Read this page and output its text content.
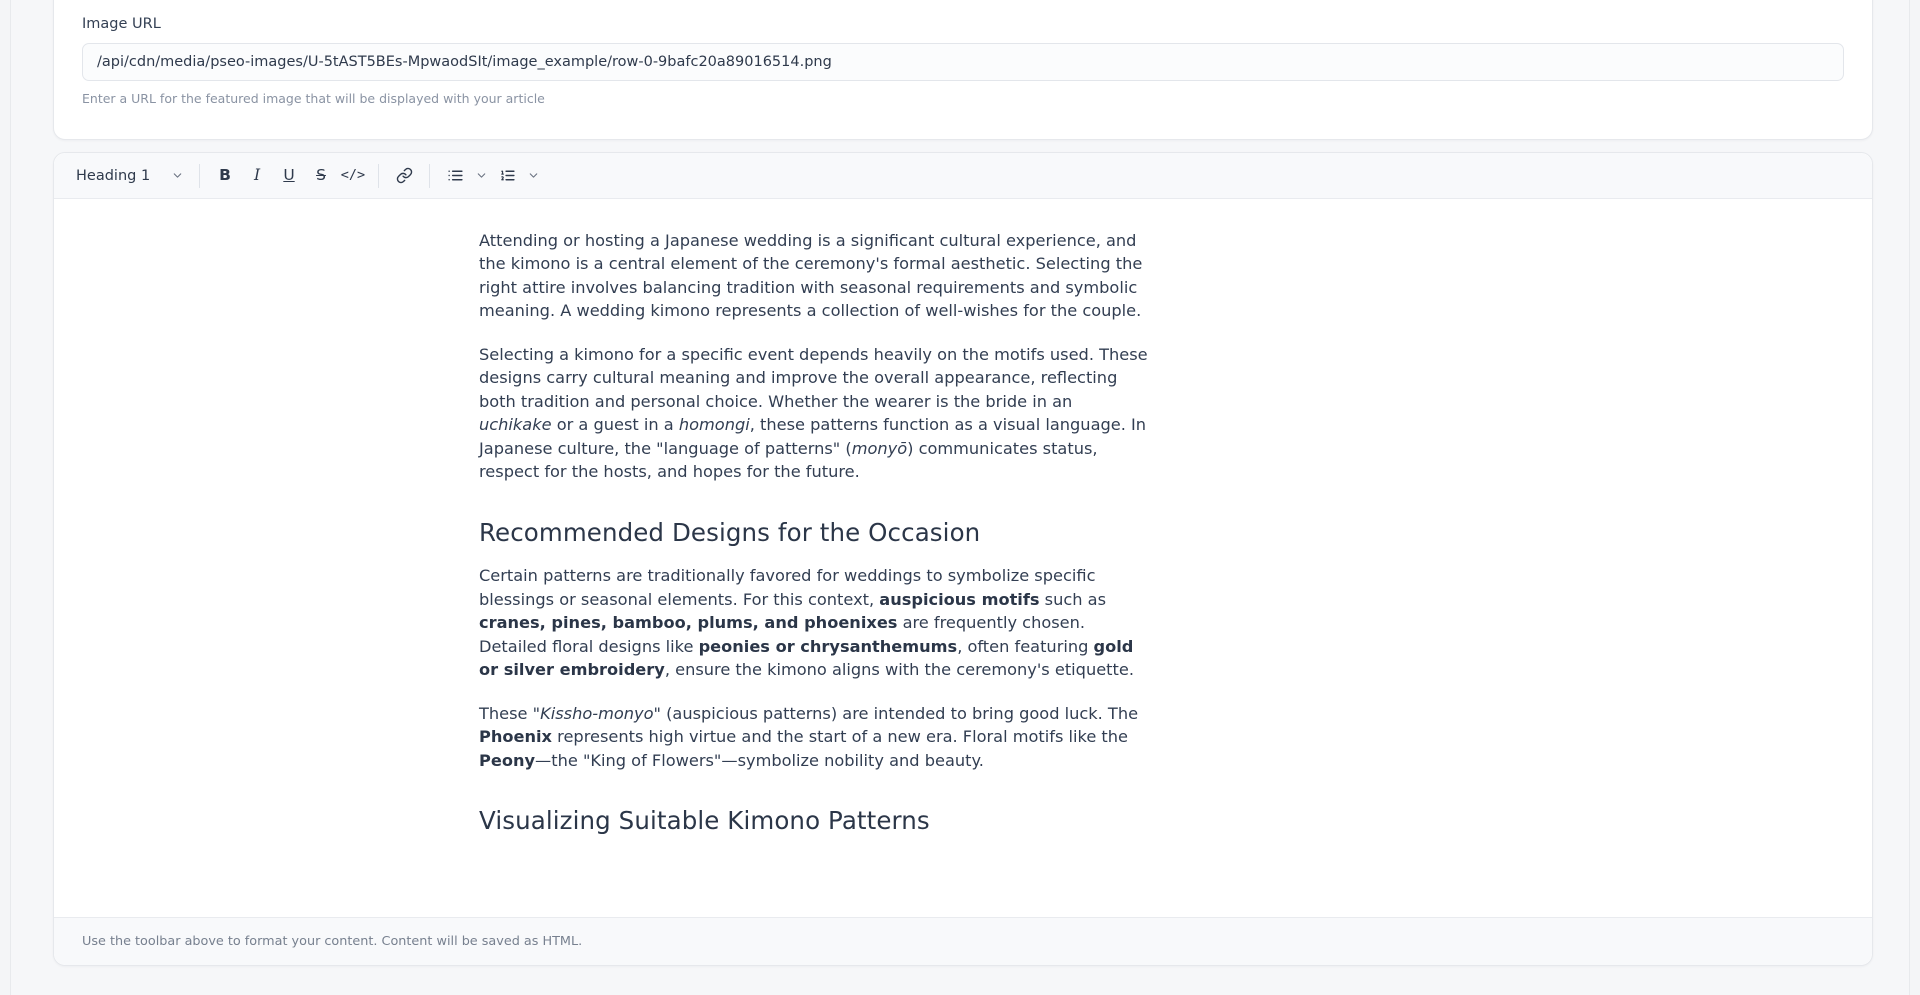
Image URL
/api/cdn/media/pseo-images/U-5tAST5BEs-MpwaodSIt/image_example/row-0-9bafc20a89016514.png
Enter a URL for the featured image that will be displayed with your article
Heading 1	B I U S </>

Attending or hosting a Japanese wedding is a significant cultural experience, and the kimono is a central element of the ceremony's formal aesthetic. Selecting the right attire involves balancing tradition with seasonal requirements and symbolic meaning. A wedding kimono represents a collection of well-wishes for the couple.

Selecting a kimono for a specific event depends heavily on the motifs used. These designs carry cultural meaning and improve the overall appearance, reflecting both tradition and personal choice. Whether the wearer is the bride in an uchikake or a guest in a homongi, these patterns function as a visual language. In Japanese culture, the "language of patterns" (monyō) communicates status, respect for the hosts, and hopes for the future.

Recommended Designs for the Occasion

Certain patterns are traditionally favored for weddings to symbolize specific blessings or seasonal elements. For this context, auspicious motifs such as cranes, pines, bamboo, plums, and phoenixes are frequently chosen. Detailed floral designs like peonies or chrysanthemums, often featuring gold or silver embroidery, ensure the kimono aligns with the ceremony's etiquette.

These "Kissho-monyo" (auspicious patterns) are intended to bring good luck. The Phoenix represents high virtue and the start of a new era. Floral motifs like the Peony—the "King of Flowers"—symbolize nobility and beauty.

Visualizing Suitable Kimono Patterns
Use the toolbar above to format your content. Content will be saved as HTML.
